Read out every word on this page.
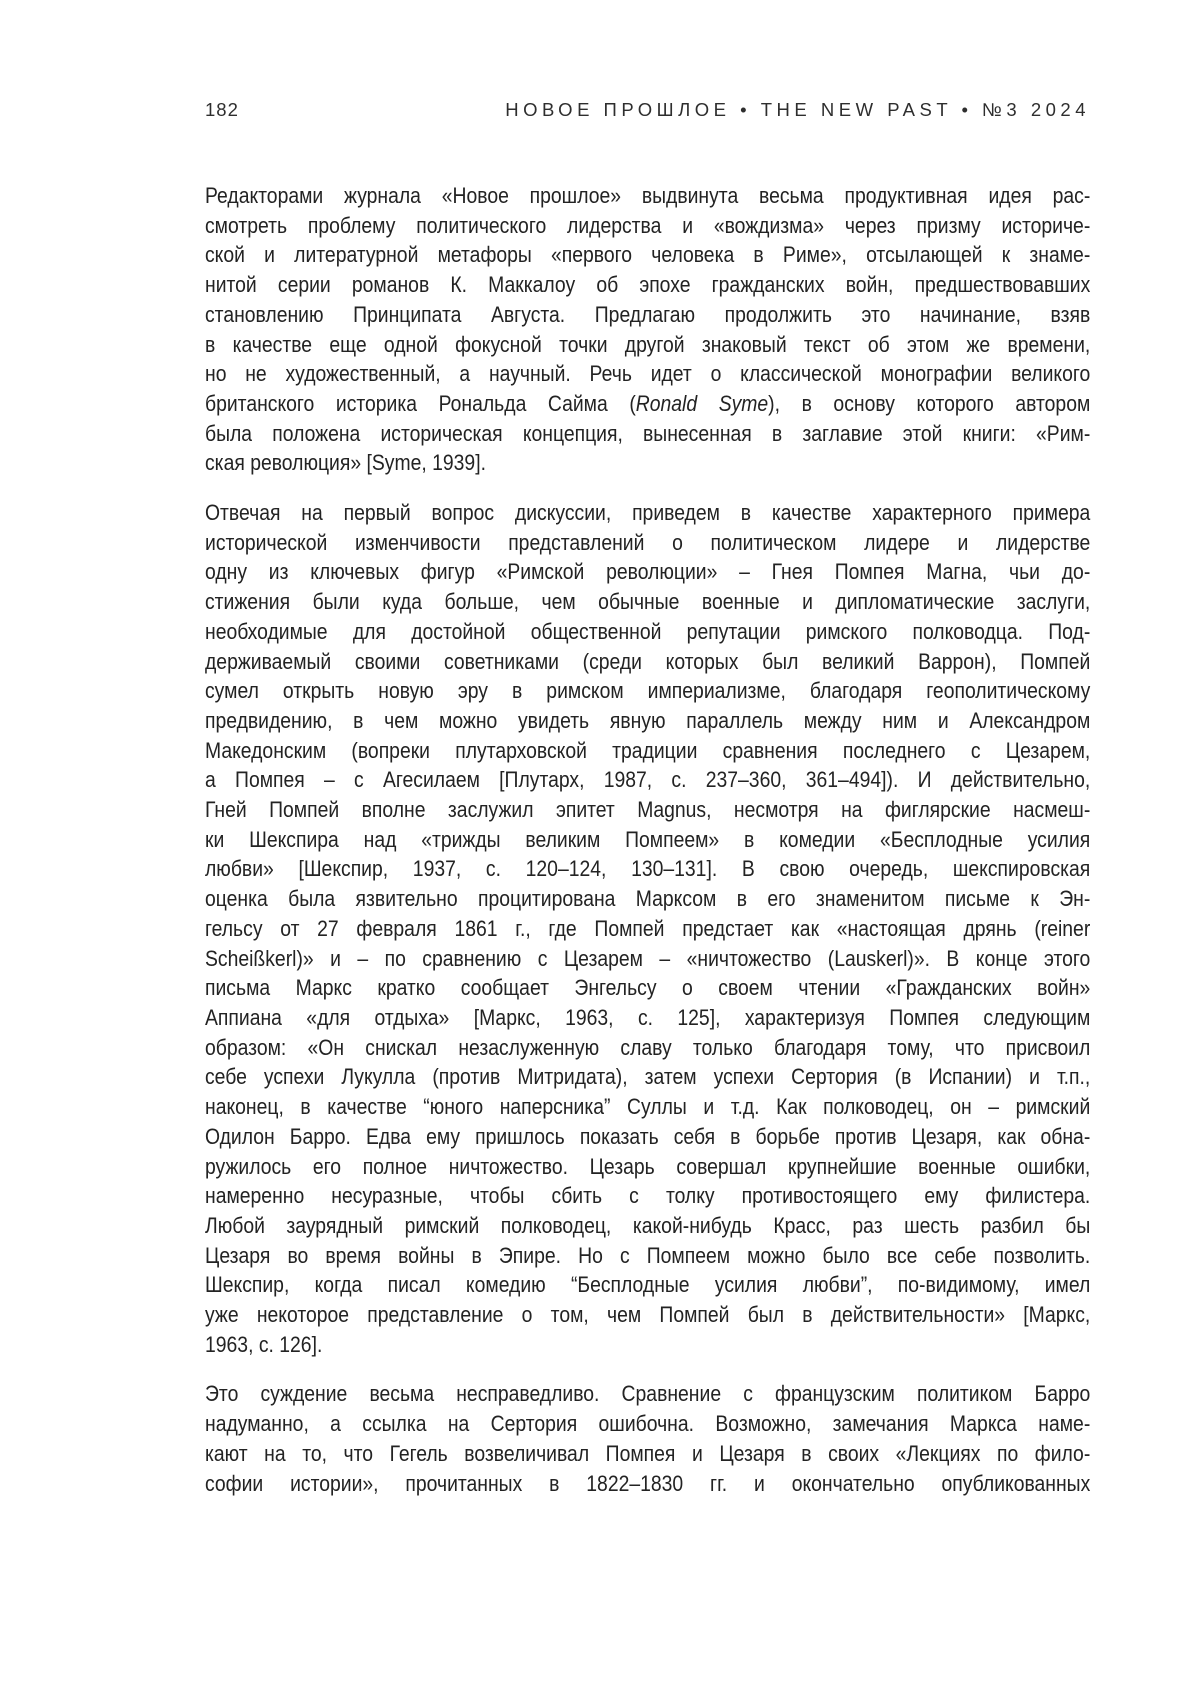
182	НОВОЕ ПРОШЛОЕ • THE NEW PAST • №3 2024
Редакторами журнала «Новое прошлое» выдвинута весьма продуктивная идея рас-
смотреть проблему политического лидерства и «вождизма» через призму историче-
ской и литературной метафоры «первого человека в Риме», отсылающей к знаме-
нитой серии романов К. Маккалоу об эпохе гражданских войн, предшествовавших
становлению Принципата Августа. Предлагаю продолжить это начинание, взяв
в качестве еще одной фокусной точки другой знаковый текст об этом же времени,
но не художественный, а научный. Речь идет о классической монографии великого
британского историка Рональда Сайма (Ronald Syme), в основу которого автором
была положена историческая концепция, вынесенная в заглавие этой книги: «Рим-
ская революция» [Syme, 1939].
Отвечая на первый вопрос дискуссии, приведем в качестве характерного примера
исторической изменчивости представлений о политическом лидере и лидерстве
одну из ключевых фигур «Римской революции» – Гнея Помпея Магна, чьи до-
стижения были куда больше, чем обычные военные и дипломатические заслуги,
необходимые для достойной общественной репутации римского полководца. Под-
держиваемый своими советниками (среди которых был великий Варрон), Помпей
сумел открыть новую эру в римском империализме, благодаря геополитическому
предвидению, в чем можно увидеть явную параллель между ним и Александром
Македонским (вопреки плутарховской традиции сравнения последнего с Цезарем,
а Помпея – с Агесилаем [Плутарх, 1987, с. 237–360, 361–494]). И действительно,
Гней Помпей вполне заслужил эпитет Magnus, несмотря на фиглярские насмеш-
ки Шекспира над «трижды великим Помпеем» в комедии «Бесплодные усилия
любви» [Шекспир, 1937, с. 120–124, 130–131]. В свою очередь, шекспировская
оценка была язвительно процитирована Марксом в его знаменитом письме к Эн-
гельсу от 27 февраля 1861 г., где Помпей предстает как «настоящая дрянь (reiner
Scheißkerl)» и – по сравнению с Цезарем – «ничтожество (Lauskerl)». В конце этого
письма Маркс кратко сообщает Энгельсу о своем чтении «Гражданских войн»
Аппиана «для отдыха» [Маркс, 1963, с. 125], характеризуя Помпея следующим
образом: «Он снискал незаслуженную славу только благодаря тому, что присвоил
себе успехи Лукулла (против Митридата), затем успехи Сертория (в Испании) и т.п.,
наконец, в качестве “юного наперсника” Суллы и т.д. Как полководец, он – римский
Одилон Барро. Едва ему пришлось показать себя в борьбе против Цезаря, как обна-
ружилось его полное ничтожество. Цезарь совершал крупнейшие военные ошибки,
намеренно несуразные, чтобы сбить с толку противостоящего ему филистера.
Любой заурядный римский полководец, какой-нибудь Красс, раз шесть разбил бы
Цезаря во время войны в Эпире. Но с Помпеем можно было все себе позволить.
Шекспир, когда писал комедию “Бесплодные усилия любви”, по-видимому, имел
уже некоторое представление о том, чем Помпей был в действительности» [Маркс,
1963, с. 126].
Это суждение весьма несправедливо. Сравнение с французским политиком Барро
надуманно, а ссылка на Сертория ошибочна. Возможно, замечания Маркса наме-
кают на то, что Гегель возвеличивал Помпея и Цезаря в своих «Лекциях по фило-
софии истории», прочитанных в 1822–1830 гг. и окончательно опубликованных
